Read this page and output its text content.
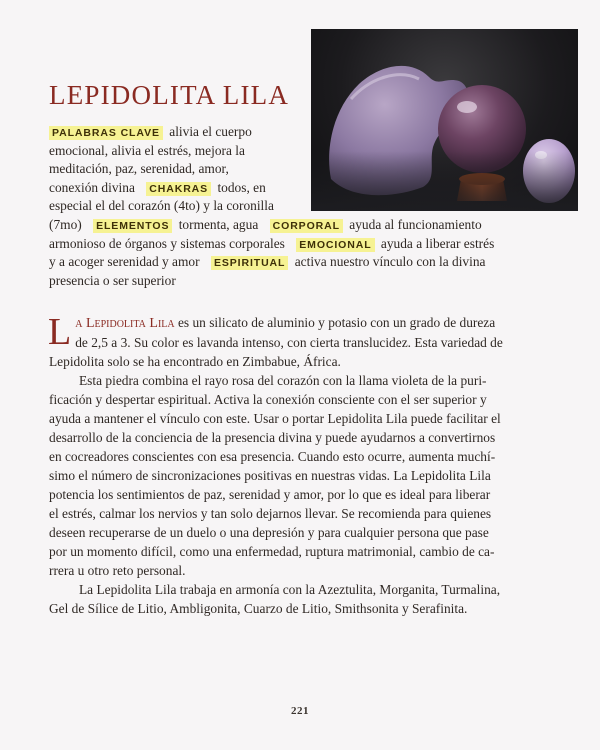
LEPIDOLITA LILA
PALABRAS CLAVE alivia el cuerpo
emocional, alivia el estrés, mejora la
meditación, paz, serenidad, amor,
conexión divina CHAKRAS todos, en
especial el del corazón (4to) y la coronilla
(7mo) ELEMENTOS tormenta, agua CORPORAL ayuda al funcionamiento
armonioso de órganos y sistemas corporales EMOCIONAL ayuda a liberar estrés
y a acoger serenidad y amor ESPIRITUAL activa nuestro vínculo con la divina
presencia o ser superior

La Lepidolita Lila es un silicato de aluminio y potasio con un grado de dureza

de 2,5 a 3. Su color es lavanda intenso, con cierta translucidez. Esta variedad de

Lepidolita solo se ha encontrado en Zimbabue, África.

Esta piedra combina el rayo rosa del corazón con la llama violeta de la puri-

ficación y despertar espiritual. Activa la conexión consciente con el ser superior y

ayuda a mantener el vínculo con este. Usar o portar Lepidolita Lila puede facilitar el

desarrollo de la conciencia de la presencia divina y puede ayudarnos a convertirnos

en cocreadores conscientes con esa presencia. Cuando esto ocurre, aumenta muchí-

simo el número de sincronizaciones positivas en nuestras vidas. La Lepidolita Lila

potencia los sentimientos de paz, serenidad y amor, por lo que es ideal para liberar

el estrés, calmar los nervios y tan solo dejarnos llevar. Se recomienda para quienes

deseen recuperarse de un duelo o una depresión y para cualquier persona que pase

por un momento difícil, como una enfermedad, ruptura matrimonial, cambio de ca-

rrera u otro reto personal.

La Lepidolita Lila trabaja en armonía con la Azeztulita, Morganita, Turmalina,

Gel de Sílice de Litio, Ambligonita, Cuarzo de Litio, Smithsonita y Serafinita.

221
